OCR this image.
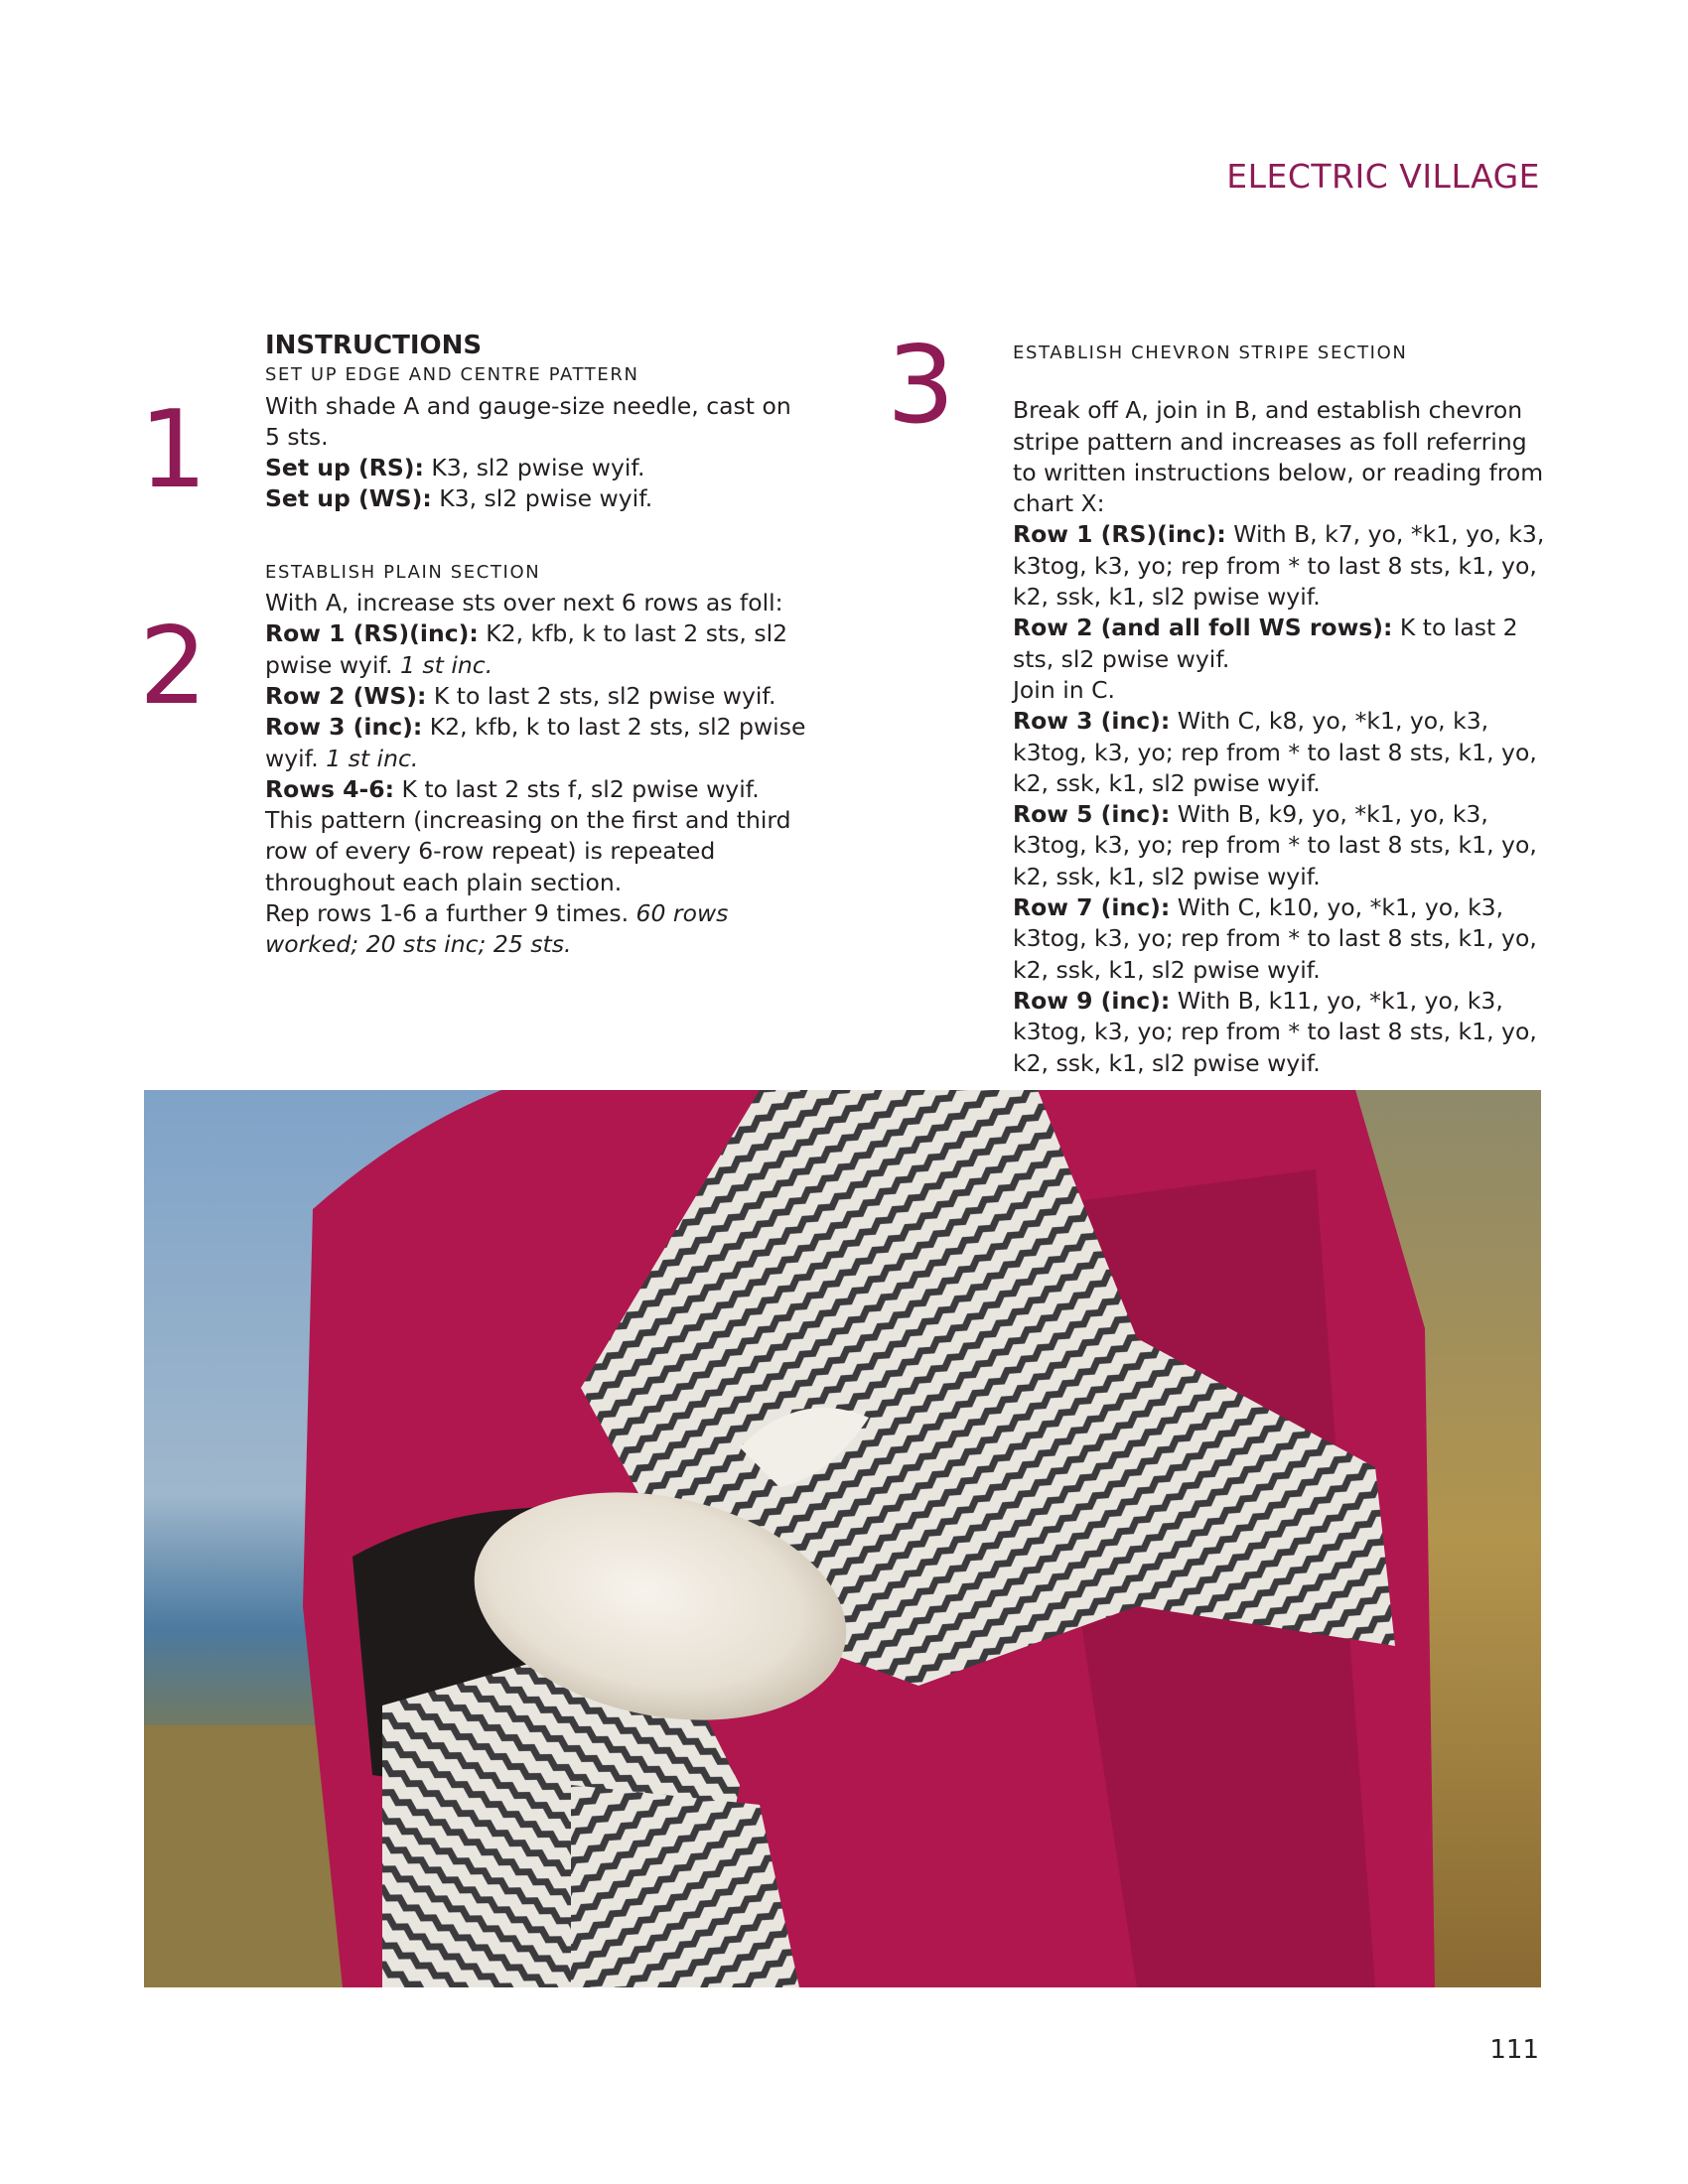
ELECTRIC VILLAGE
1
2
3

INSTRUCTIONS

SET UP EDGE AND CENTRE PATTERN

With shade A and gauge-size needle, cast on
5 sts.

Set up (RS): K3, sl2 pwise wyif.

Set up (WS): K3, sl2 pwise wyif.

ESTABLISH PLAIN SECTION

With A, increase sts over next 6 rows as foll:

Row 1 (RS)(inc): K2, kfb, k to last 2 sts, sl2 pwise wyif. 1 st inc.

Row 2 (WS): K to last 2 sts, sl2 pwise wyif.

Row 3 (inc): K2, kfb, k to last 2 sts, sl2 pwise wyif. 1 st inc.

Rows 4-6: K to last 2 sts f, sl2 pwise wyif.

This pattern (increasing on the first and third row of every 6-row repeat) is repeated throughout each plain section.

Rep rows 1-6 a further 9 times. 60 rows worked; 20 sts inc; 25 sts.

ESTABLISH CHEVRON STRIPE SECTION

Break off A, join in B, and establish chevron stripe pattern and increases as foll referring to written instructions below, or reading from chart X:

Row 1 (RS)(inc): With B, k7, yo, *k1, yo, k3, k3tog, k3, yo; rep from * to last 8 sts, k1, yo, k2, ssk, k1, sl2 pwise wyif.

Row 2 (and all foll WS rows): K to last 2 sts, sl2 pwise wyif.

Join in C.

Row 3 (inc): With C, k8, yo, *k1, yo, k3, k3tog, k3, yo; rep from * to last 8 sts, k1, yo, k2, ssk, k1, sl2 pwise wyif.

Row 5 (inc): With B, k9, yo, *k1, yo, k3, k3tog, k3, yo; rep from * to last 8 sts, k1, yo, k2, ssk, k1, sl2 pwise wyif.

Row 7 (inc): With C, k10, yo, *k1, yo, k3, k3tog, k3, yo; rep from * to last 8 sts, k1, yo, k2, ssk, k1, sl2 pwise wyif.

Row 9 (inc): With B, k11, yo, *k1, yo, k3, k3tog, k3, yo; rep from * to last 8 sts, k1, yo, k2, ssk, k1, sl2 pwise wyif.

111
